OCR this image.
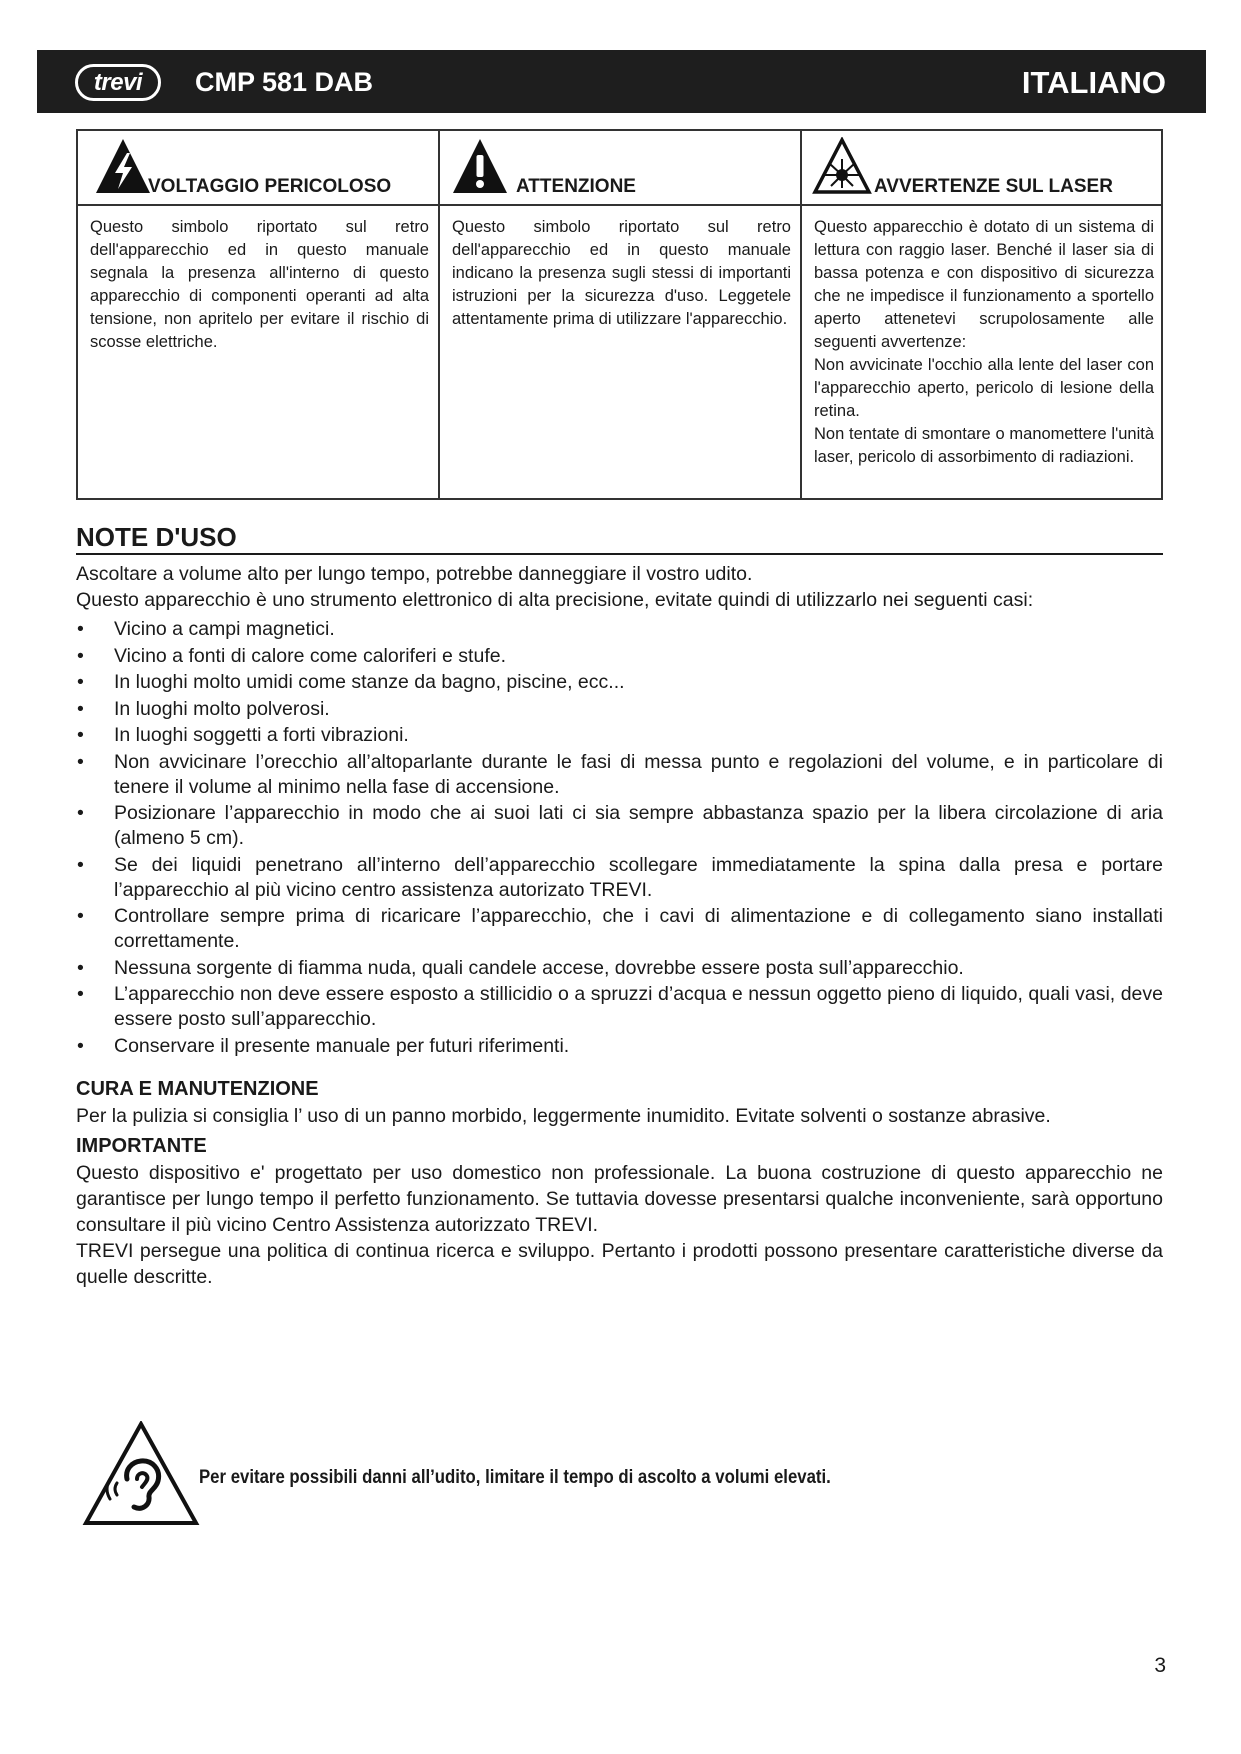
trevi	CMP 581 DAB	ITALIANO
VOLTAGGIO PERICOLOSO

Questo simbolo riportato sul retro dell'apparecchio ed in questo manuale segnala la presenza all'interno di questo apparecchio di componenti operanti ad alta tensione, non apritelo per evitare il rischio di scosse elettriche.

ATTENZIONE

Questo simbolo riportato sul retro dell'apparecchio ed in questo manuale indicano la presenza sugli stessi di importanti istruzioni per la sicurezza d'uso. Leggetele attentamente prima di utilizzare l'apparecchio.

AVVERTENZE SUL LASER

Questo apparecchio è dotato di un sistema di lettura con raggio laser. Benché il laser sia di bassa potenza e con dispositivo di sicurezza che ne impedisce il funzionamento a sportello aperto attenetevi scrupolosamente alle seguenti avvertenze:

Non avvicinate l'occhio alla lente del laser con l'apparecchio aperto, pericolo di lesione della retina.

Non tentate di smontare o manomettere l'unità laser, pericolo di assorbimento di radiazioni.

NOTE D'USO

Ascoltare a volume alto per lungo tempo, potrebbe danneggiare il vostro udito.

Questo apparecchio è uno strumento elettronico di alta precisione, evitate quindi di utilizzarlo nei seguenti casi:

• Vicino a campi magnetici.
• Vicino a fonti di calore come caloriferi e stufe.
• In luoghi molto umidi come stanze da bagno, piscine, ecc...
• In luoghi molto polverosi.
• In luoghi soggetti a forti vibrazioni.
• Non avvicinare l’orecchio all’altoparlante durante le fasi di messa punto e regolazioni del volume, e in particolare di tenere il volume al minimo nella fase di accensione.
• Posizionare l’apparecchio in modo che ai suoi lati ci sia sempre abbastanza spazio per la libera circolazione di aria (almeno 5 cm).
• Se dei liquidi penetrano all’interno dell’apparecchio scollegare immediatamente la spina dalla presa e portare l’apparecchio al più vicino centro assistenza autorizato TREVI.
• Controllare sempre prima di ricaricare l’apparecchio, che i cavi di alimentazione e di collegamento siano installati correttamente.
• Nessuna sorgente di fiamma nuda, quali candele accese, dovrebbe essere posta sull’apparecchio.
• L’apparecchio non deve essere esposto a stillicidio o a spruzzi d’acqua e nessun oggetto pieno di liquido, quali vasi, deve essere posto sull’apparecchio.
• Conservare il presente manuale per futuri riferimenti.
CURA E MANUTENZIONE

Per la pulizia si consiglia l’ uso di un panno morbido, leggermente inumidito. Evitate solventi o sostanze abrasive.

IMPORTANTE

Questo dispositivo e' progettato per uso domestico non professionale. La buona costruzione di questo apparecchio ne garantisce per lungo tempo il perfetto funzionamento. Se tuttavia dovesse presentarsi qualche inconveniente, sarà opportuno consultare il più vicino Centro Assistenza autorizzato TREVI.

TREVI persegue una politica di continua ricerca e sviluppo. Pertanto i prodotti possono presentare caratteristiche diverse da quelle descritte.

Per evitare possibili danni all’udito, limitare il tempo di ascolto a volumi elevati.
3
